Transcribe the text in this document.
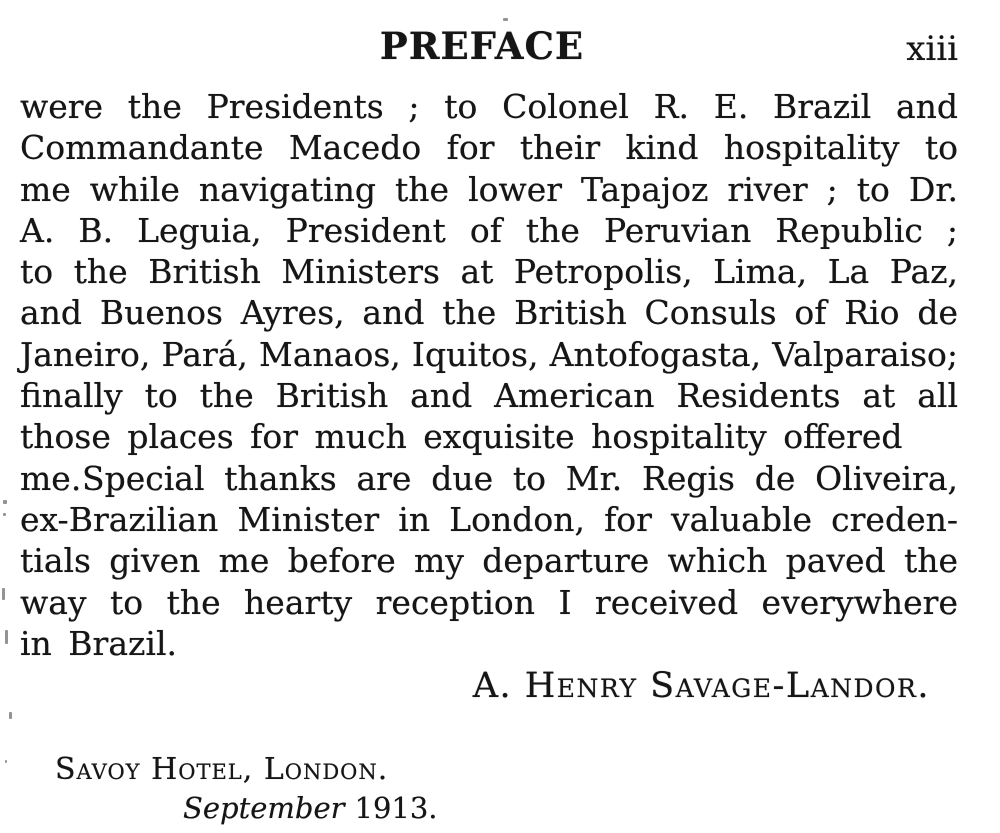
PREFACE	xiii
were the Presidents ; to Colonel R. E. Brazil and
Commandante Macedo for their kind hospitality to
me while navigating the lower Tapajoz river ; to Dr.
A. B. Leguia, President of the Peruvian Republic ;
to the British Ministers at Petropolis, Lima, La Paz,
and Buenos Ayres, and the British Consuls of Rio de
Janeiro, Pará, Manaos, Iquitos, Antofogasta, Valparaiso;
finally to the British and American Residents at all
those places for much exquisite hospitality offered me. Special thanks are due to Mr. Regis de Oliveira,
ex-Brazilian Minister in London, for valuable creden-
tials given me before my departure which paved the
way to the hearty reception I received everywhere
in Brazil.
A. Henry Savage-Landor.
Savoy Hotel, London.
September 1913.
